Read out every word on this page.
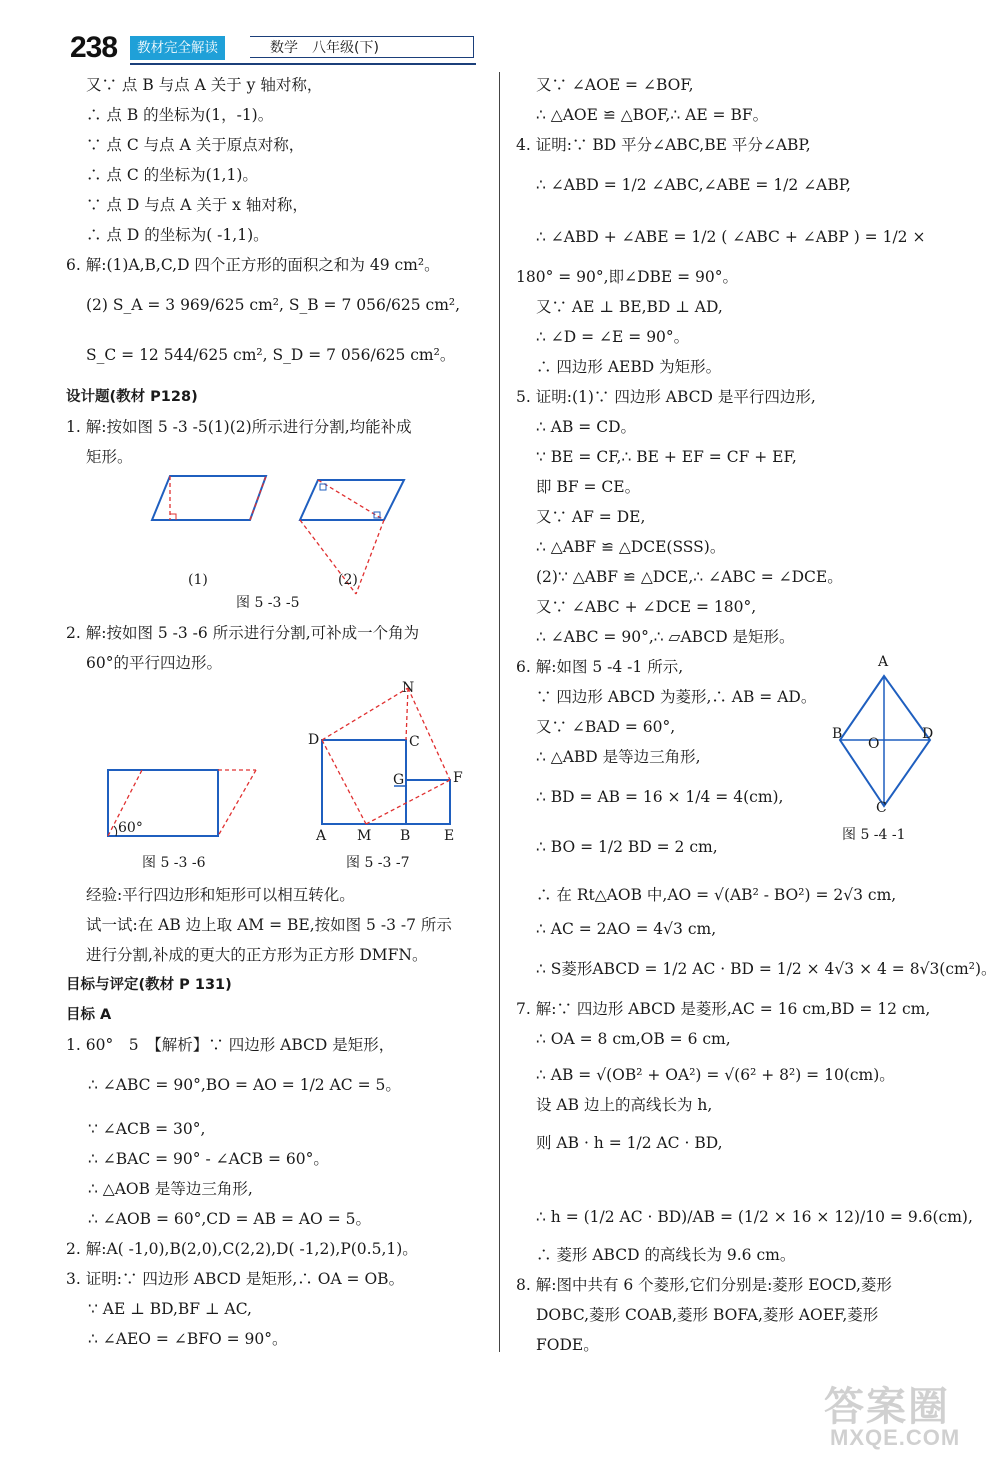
238	教材完全解读	数学　八年级(下)
又∵ 点 B 与点 A 关于 y 轴对称，
∴ 点 B 的坐标为(1，-1)。
∵ 点 C 与点 A 关于原点对称，
∴ 点 C 的坐标为(1,1)。
∵ 点 D 与点 A 关于 x 轴对称，
∴ 点 D 的坐标为( -1,1)。
6. 解:(1)A,B,C,D 四个正方形的面积之和为 49 cm²。
(2) S_A = 3 969/625 cm², S_B = 7 056/625 cm²,
S_C = 12 544/625 cm², S_D = 7 056/625 cm²。
设计题(教材 P128)
1. 解:按如图 5 -3 -5(1)(2)所示进行分割,均能补成
矩形。
(1)	(2)
图 5 -3 -5
2. 解:按如图 5 -3 -6 所示进行分割,可补成一个角为
60°的平行四边形。
60°
图 5 -3 -6
N
D	C
G	F
A M B E
图 5 -3 -7
经验:平行四边形和矩形可以相互转化。
试一试:在 AB 边上取 AM = BE,按如图 5 -3 -7 所示
进行分割,补成的更大的正方形为正方形 DMFN。
目标与评定(教材 P 131)
目标 A
1. 60°　5　【解析】∵ 四边形 ABCD 是矩形，
∴ ∠ABC = 90°,BO = AO = 1/2 AC = 5。
∵ ∠ACB = 30°,
∴ ∠BAC = 90° - ∠ACB = 60°。
∴ △AOB 是等边三角形,
∴ ∠AOB = 60°,CD = AB = AO = 5。
2. 解:A( -1,0),B(2,0),C(2,2),D( -1,2),P(0.5,1)。
3. 证明:∵ 四边形 ABCD 是矩形,∴ OA = OB。
∵ AE ⊥ BD,BF ⊥ AC,
∴ ∠AEO = ∠BFO = 90°。
又∵ ∠AOE = ∠BOF,
∴ △AOE ≌ △BOF,∴ AE = BF。
4. 证明:∵ BD 平分∠ABC,BE 平分∠ABP,
∴ ∠ABD = 1/2 ∠ABC,∠ABE = 1/2 ∠ABP,
∴ ∠ABD + ∠ABE = 1/2 ( ∠ABC + ∠ABP ) = 1/2 ×
180° = 90°,即∠DBE = 90°。
又∵ AE ⊥ BE,BD ⊥ AD,
∴ ∠D = ∠E = 90°。
∴ 四边形 AEBD 为矩形。
5. 证明:(1)∵ 四边形 ABCD 是平行四边形,
∴ AB = CD。
∵ BE = CF,∴ BE + EF = CF + EF,
即 BF = CE。
又∵ AF = DE,
∴ △ABF ≌ △DCE(SSS)。
(2)∵ △ABF ≌ △DCE,∴ ∠ABC = ∠DCE。
又∵ ∠ABC + ∠DCE = 180°,
∴ ∠ABC = 90°,∴ ▱ABCD 是矩形。
6. 解:如图 5 -4 -1 所示,
∵ 四边形 ABCD 为菱形,∴ AB = AD。
又∵ ∠BAD = 60°,
∴ △ABD 是等边三角形,
∴ BD = AB = 16 × 1/4 = 4(cm),
∴ BO = 1/2 BD = 2 cm,
∴ 在 Rt△AOB 中,AO = √(AB² - BO²) = 2√3 cm,
∴ AC = 2AO = 4√3 cm,
∴ S菱形ABCD = 1/2 AC · BD = 1/2 × 4√3 × 4 = 8√3(cm²)。
7. 解:∵ 四边形 ABCD 是菱形,AC = 16 cm,BD = 12 cm,
∴ OA = 8 cm,OB = 6 cm,
∴ AB = √(OB² + OA²) = √(6² + 8²) = 10(cm)。
设 AB 边上的高线长为 h,
则 AB · h = 1/2 AC · BD,
∴ h = (1/2 AC · BD)/AB = (1/2 × 16 × 12)/10 = 9.6(cm),
∴ 菱形 ABCD 的高线长为 9.6 cm。
8. 解:图中共有 6 个菱形,它们分别是:菱形 EOCD,菱形
DOBC,菱形 COAB,菱形 BOFA,菱形 AOEF,菱形
FODE。
A
B
O
D
C
图 5 -4 -1
答案圈
MXQE.COM
